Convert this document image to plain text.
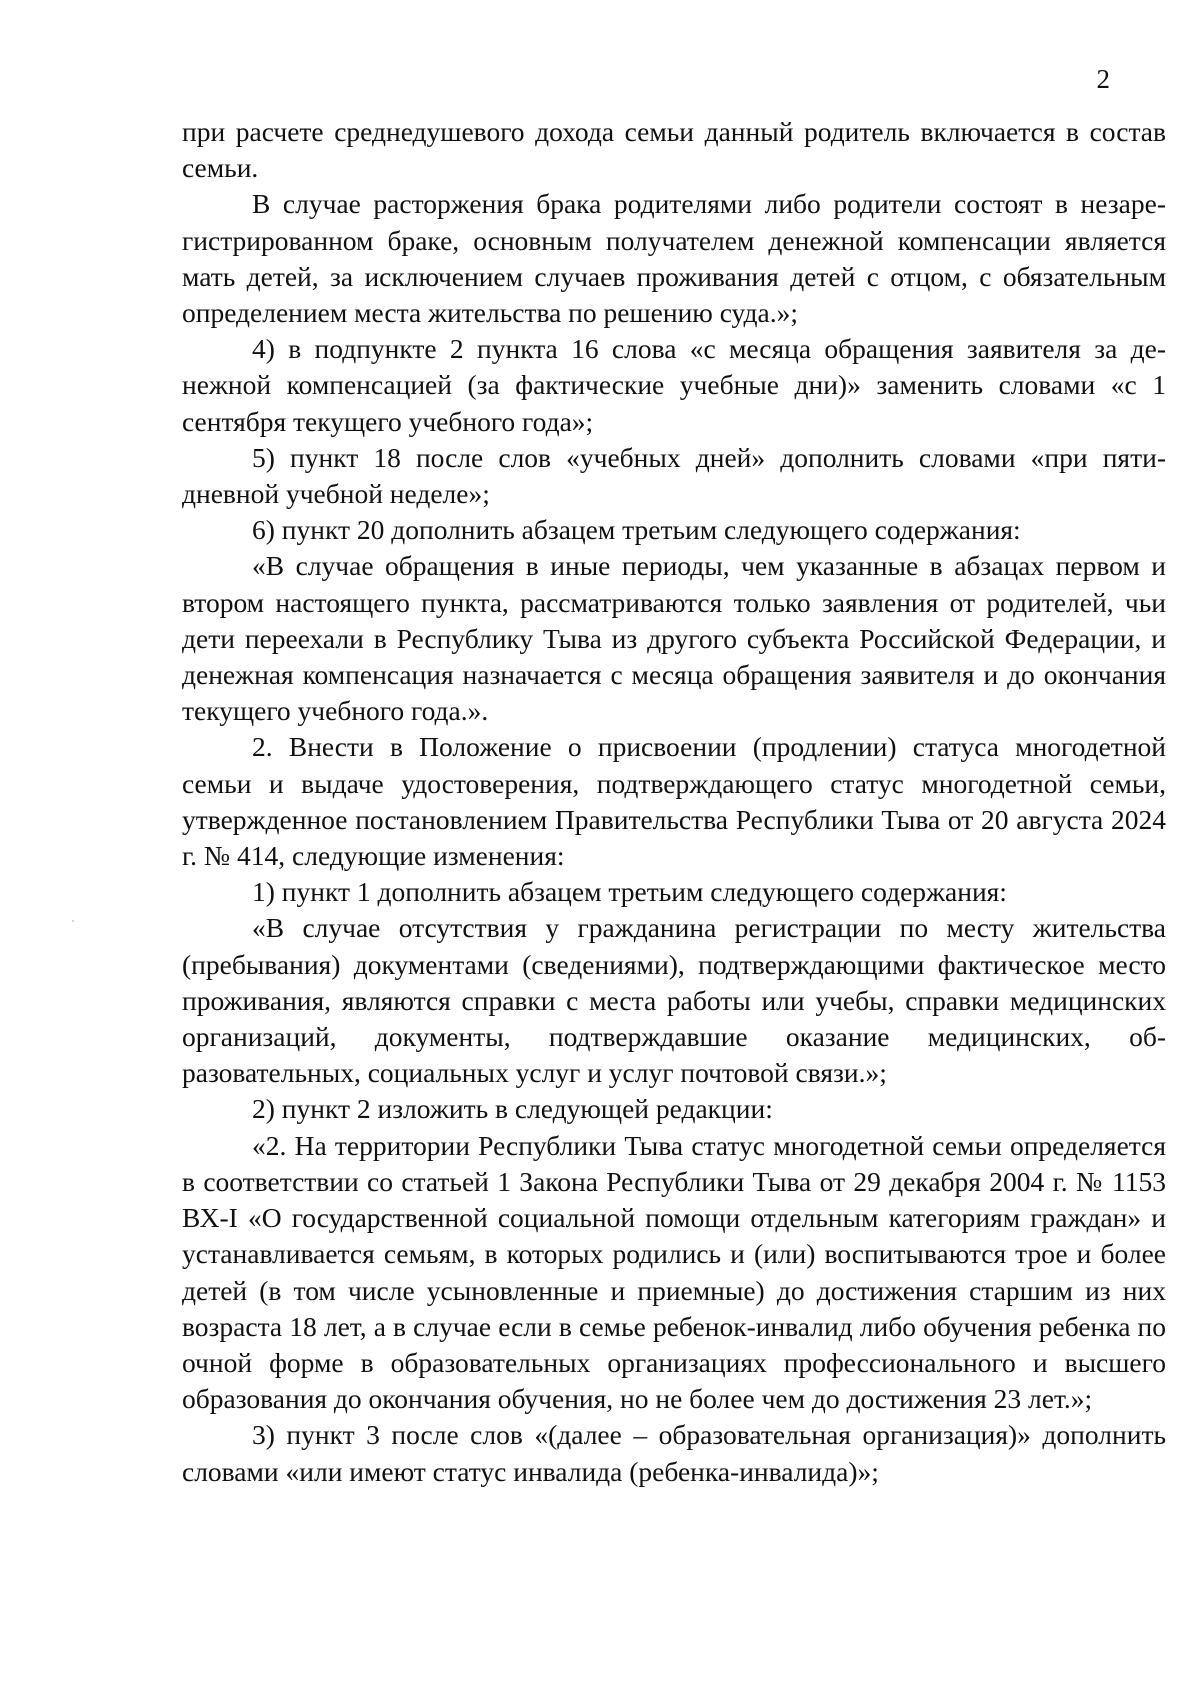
2

при расчете среднедушевого дохода семьи данный родитель включается в состав семьи.

В случае расторжения брака родителями либо родители состоят в незарегистрированном браке, основным получателем денежной компенсации является мать детей, за исключением случаев проживания детей с отцом, с обязательным определением места жительства по решению суда.»;

4) в подпункте 2 пункта 16 слова «с месяца обращения заявителя за денежной компенсацией (за фактические учебные дни)» заменить словами «с 1 сентября текущего учебного года»;

5) пункт 18 после слов «учебных дней» дополнить словами «при пятидневной учебной неделе»;

6) пункт 20 дополнить абзацем третьим следующего содержания:

«В случае обращения в иные периоды, чем указанные в абзацах первом и втором настоящего пункта, рассматриваются только заявления от родителей, чьи дети переехали в Республику Тыва из другого субъекта Российской Федерации, и денежная компенсация назначается с месяца обращения заявителя и до окончания текущего учебного года.».

2. Внести в Положение о присвоении (продлении) статуса многодетной семьи и выдаче удостоверения, подтверждающего статус многодетной семьи, утвержденное постановлением Правительства Республики Тыва от 20 августа 2024 г. № 414, следующие изменения:

1) пункт 1 дополнить абзацем третьим следующего содержания:

«В случае отсутствия у гражданина регистрации по месту жительства (пребывания) документами (сведениями), подтверждающими фактическое место проживания, являются справки с места работы или учебы, справки медицинских организаций, документы, подтверждавшие оказание медицинских, образовательных, социальных услуг и услуг почтовой связи.»;

2) пункт 2 изложить в следующей редакции:

«2. На территории Республики Тыва статус многодетной семьи определяется в соответствии со статьей 1 Закона Республики Тыва от 29 декабря 2004 г. № 1153 ВХ-I «О государственной социальной помощи отдельным категориям граждан» и устанавливается семьям, в которых родились и (или) воспитываются трое и более детей (в том числе усыновленные и приемные) до достижения старшим из них возраста 18 лет, а в случае если в семье ребенок-инвалид либо обучения ребенка по очной форме в образовательных организациях профессионального и высшего образования до окончания обучения, но не более чем до достижения 23 лет.»;

3) пункт 3 после слов «(далее – образовательная организация)» дополнить словами «или имеют статус инвалида (ребенка-инвалида)»;
